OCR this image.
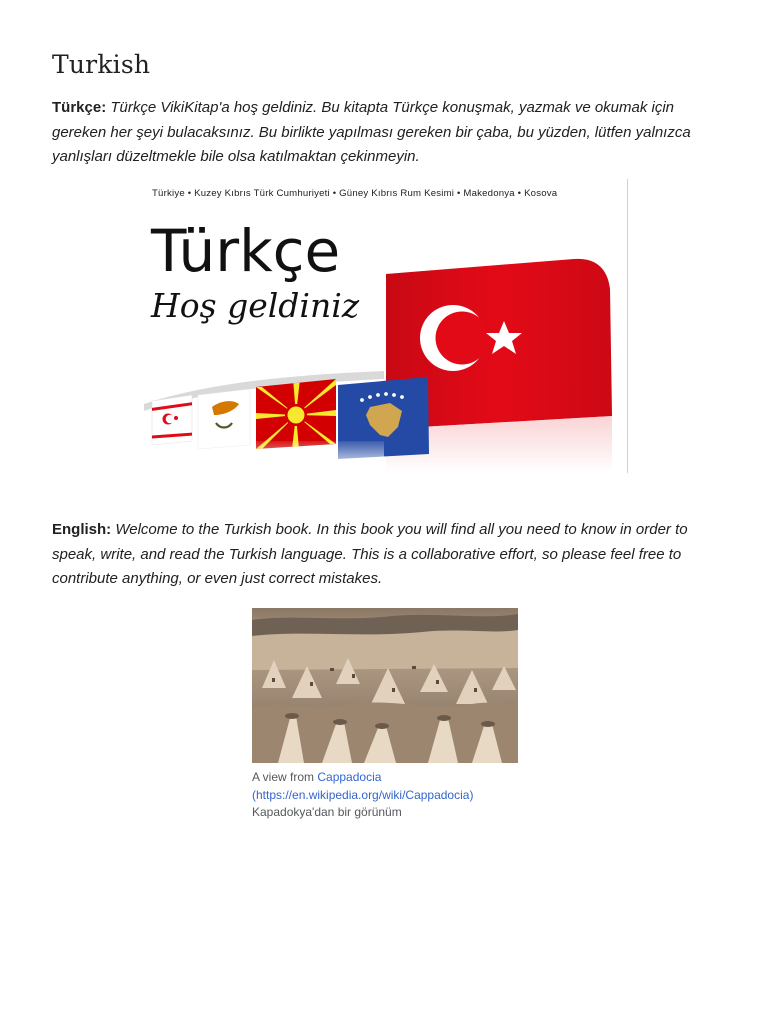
Turkish

Türkçe: Türkçe VikiKitap'a hoş geldiniz. Bu kitapta Türkçe konuşmak, yazmak ve okumak için gereken her şeyi bulacaksınız. Bu birlikte yapılması gereken bir çaba, bu yüzden, lütfen yalnızca yanlışları düzeltmekle bile olsa katılmaktan çekinmeyin.

Türkiye • Kuzey Kıbrıs Türk Cumhuriyeti • Güney Kıbrıs Rum Kesimi • Makedonya • Kosova
Türkçe
Hoş geldiniz

English: Welcome to the Turkish book. In this book you will find all you need to know in order to speak, write, and read the Turkish language. This is a collaborative effort, so please feel free to contribute anything, or even just correct mistakes.

A view from Cappadocia (https://en.wikipedia.org/wiki/Cappadocia)
Kapadokya'dan bir görünüm
